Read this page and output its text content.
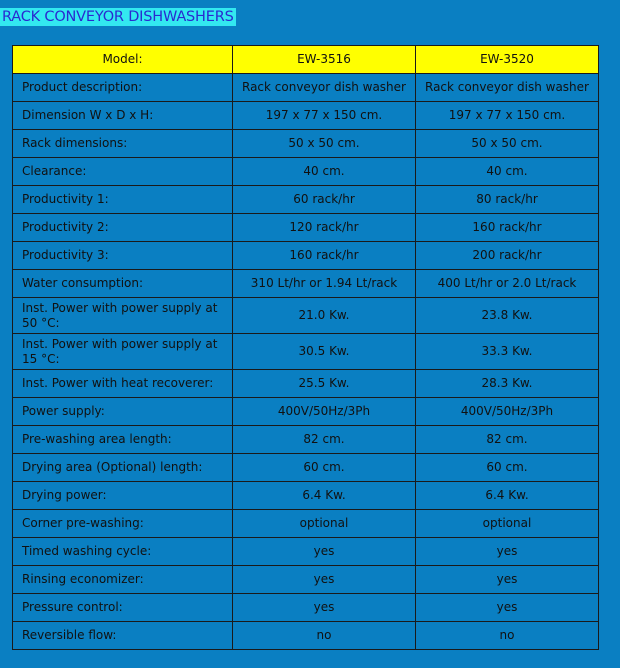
RACK CONVEYOR DISHWASHERS
Model:	EW-3516	EW-3520
Product description:	Rack conveyor dish washer	Rack conveyor dish washer
Dimension W x D x H:	197 x 77 x 150 cm.	197 x 77 x 150 cm.
Rack dimensions:	50 x 50 cm.	50 x 50 cm.
Clearance:	40 cm.	40 cm.
Productivity 1:	60 rack/hr	80 rack/hr
Productivity 2:	120 rack/hr	160 rack/hr
Productivity 3:	160 rack/hr	200 rack/hr
Water consumption:	310 Lt/hr or 1.94 Lt/rack	400 Lt/hr or 2.0 Lt/rack
Inst. Power with power supply at 50 °C:	21.0 Kw.	23.8 Kw.
Inst. Power with power supply at 15 °C:	30.5 Kw.	33.3 Kw.
Inst. Power with heat recoverer:	25.5 Kw.	28.3 Kw.
Power supply:	400V/50Hz/3Ph	400V/50Hz/3Ph
Pre-washing area length:	82 cm.	82 cm.
Drying area (Optional) length:	60 cm.	60 cm.
Drying power:	6.4 Kw.	6.4 Kw.
Corner pre-washing:	optional	optional
Timed washing cycle:	yes	yes
Rinsing economizer:	yes	yes
Pressure control:	yes	yes
Reversible flow:	no	no
